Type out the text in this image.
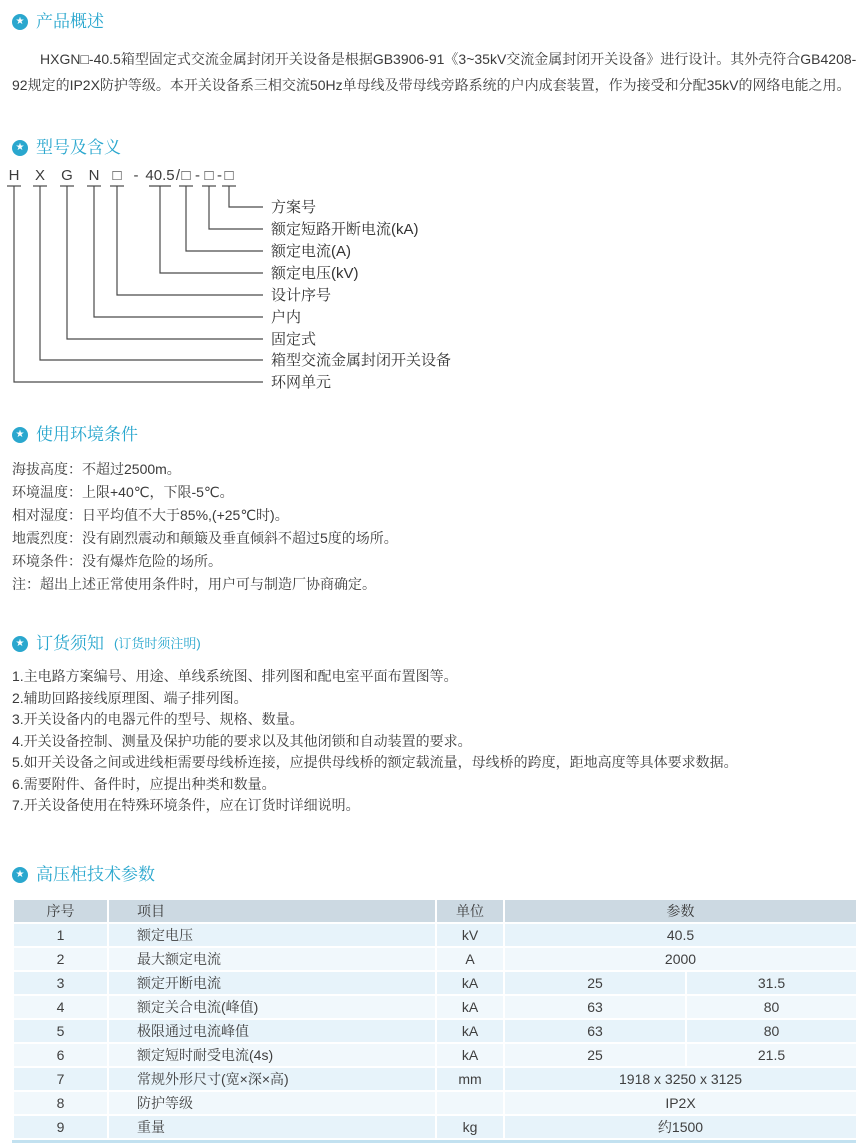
★ 产品概述

HXGN□-40.5箱型固定式交流金属封闭开关设备是根据GB3906-91《3~35kV交流金属封闭开关设备》进行设计。其外壳符合GB4208-92规定的IP2X防护等级。本开关设备系三相交流50Hz单母线及带母线旁路系统的户内成套装置，作为接受和分配35kV的网络电能之用。

★ 型号及含义
H X G N □ - 40.5 / □ - □ - □
方案号
额定短路开断电流(kA)
额定电流(A)
额定电压(kV)
设计序号
户内
固定式
箱型交流金属封闭开关设备
环网单元
★ 使用环境条件
海拔高度：不超过2500m。
环境温度：上限+40℃，下限-5℃。
相对湿度：日平均值不大于85%,(+25℃时)。
地震烈度：没有剧烈震动和颠簸及垂直倾斜不超过5度的场所。
环境条件：没有爆炸危险的场所。
注：超出上述正常使用条件时，用户可与制造厂协商确定。
★ 订货须知 (订货时须注明)
1.主电路方案编号、用途、单线系统图、排列图和配电室平面布置图等。
2.辅助回路接线原理图、端子排列图。
3.开关设备内的电器元件的型号、规格、数量。
4.开关设备控制、测量及保护功能的要求以及其他闭锁和自动装置的要求。
5.如开关设备之间或进线柜需要母线桥连接，应提供母线桥的额定载流量，母线桥的跨度，距地高度等具体要求数据。
6.需要附件、备件时，应提出种类和数量。
7.开关设备使用在特殊环境条件，应在订货时详细说明。
★ 高压柜技术参数
序号	项目	单位	参数	
1	额定电压	kV	40.5	
2	最大额定电流	A	2000	
3	额定开断电流	kA	25	31.5
4	额定关合电流(峰值)	kA	63	80
5	极限通过电流峰值	kA	63	80
6	额定短时耐受电流(4s)	kA	25	21.5
7	常规外形尺寸(宽×深×高)	mm	1918 x 3250 x 3125	
8	防护等级		IP2X	
9	重量	kg	约1500	
